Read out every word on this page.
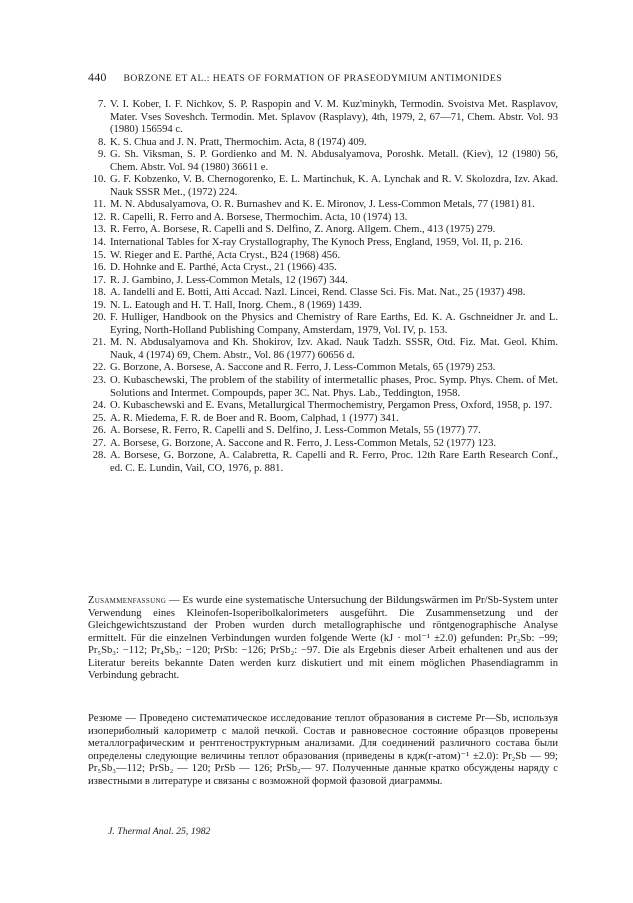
440 BORZONE ET AL.: HEATS OF FORMATION OF PRASEODYMIUM ANTIMONIDES

7. V. I. Kober, I. F. Nichkov, S. P. Raspopin and V. M. Kuz'minykh, Termodin. Svoistva Met. Rasplavov, Mater. Vses Soveshch. Termodin. Met. Splavov (Rasplavy), 4th, 1979, 2, 67—71, Chem. Abstr. Vol. 93 (1980) 156594 c.

8. K. S. Chua and J. N. Pratt, Thermochim. Acta, 8 (1974) 409.

9. G. Sh. Viksman, S. P. Gordienko and M. N. Abdusalyamova, Poroshk. Metall. (Kiev), 12 (1980) 56, Chem. Abstr. Vol. 94 (1980) 36611 e.

10. G. F. Kobzenko, V. B. Chernogorenko, E. L. Martinchuk, K. A. Lynchak and R. V. Skolozdra, Izv. Akad. Nauk SSSR Met., (1972) 224.

11. M. N. Abdusalyamova, O. R. Burnashev and K. E. Mironov, J. Less-Common Metals, 77 (1981) 81.

12. R. Capelli, R. Ferro and A. Borsese, Thermochim. Acta, 10 (1974) 13.

13. R. Ferro, A. Borsese, R. Capelli and S. Delfino, Z. Anorg. Allgem. Chem., 413 (1975) 279.

14. International Tables for X-ray Crystallography, The Kynoch Press, England, 1959, Vol. II, p. 216.

15. W. Rieger and E. Parthé, Acta Cryst., B24 (1968) 456.

16. D. Hohnke and E. Parthé, Acta Cryst., 21 (1966) 435.

17. R. J. Gambino, J. Less-Common Metals, 12 (1967) 344.

18. A. Iandelli and E. Botti, Atti Accad. Nazl. Lincei, Rend. Classe Sci. Fis. Mat. Nat., 25 (1937) 498.

19. N. L. Eatough and H. T. Hall, Inorg. Chem., 8 (1969) 1439.

20. F. Hulliger, Handbook on the Physics and Chemistry of Rare Earths, Ed. K. A. Gschneidner Jr. and L. Eyring, North-Holland Publishing Company, Amsterdam, 1979, Vol. IV, p. 153.

21. M. N. Abdusalyamova and Kh. Shokirov, Izv. Akad. Nauk Tadzh. SSSR, Otd. Fiz. Mat. Geol. Khim. Nauk, 4 (1974) 69, Chem. Abstr., Vol. 86 (1977) 60656 d.

22. G. Borzone, A. Borsese, A. Saccone and R. Ferro, J. Less-Common Metals, 65 (1979) 253.

23. O. Kubaschewski, The problem of the stability of intermetallic phases, Proc. Symp. Phys. Chem. of Met. Solutions and Intermet. Compoupds, paper 3C. Nat. Phys. Lab., Teddington, 1958.

24. O. Kubaschewski and E. Evans, Metallurgical Thermochemistry, Pergamon Press, Oxford, 1958, p. 197.

25. A. R. Miedema, F. R. de Boer and R. Boom, Calphad, 1 (1977) 341.

26. A. Borsese, R. Ferro, R. Capelli and S. Delfino, J. Less-Common Metals, 55 (1977) 77.

27. A. Borsese, G. Borzone, A. Saccone and R. Ferro, J. Less-Common Metals, 52 (1977) 123.

28. A. Borsese, G. Borzone, A. Calabretta, R. Capelli and R. Ferro, Proc. 12th Rare Earth Research Conf., ed. C. E. Lundin, Vail, CO, 1976, p. 881.

Zusammenfassung — Es wurde eine systematische Untersuchung der Bildungswärmen im Pr/Sb-System unter Verwendung eines Kleinofen-Isoperibolkalorimeters ausgeführt. Die Zusammensetzung und der Gleichgewichtszustand der Proben wurden durch metallographische und röntgenographische Analyse ermittelt. Für die einzelnen Verbindungen wurden folgende Werte (kJ · mol⁻¹ ±2.0) gefunden: Pr₂Sb: −99; Pr₅Sb₃: −112; Pr₄Sb₃: −120; PrSb: −126; PrSb₂: −97. Die als Ergebnis dieser Arbeit erhaltenen und aus der Literatur bereits bekannte Daten werden kurz diskutiert und mit einem möglichen Phasendiagramm in Verbindung gebracht.

Резюме — Проведено систематическое исследование теплот образования в системе Pr—Sb, используя изопериболный калориметр с малой печкой. Состав и равновесное состояние образцов проверены металлографическим и рентгеноструктурным анализами. Для соединений различного состава были определены следующие величины теплот образования (приведены в кдж(г-атом)⁻¹ ±2.0): Pr₂Sb — 99; Pr₅Sb₃—112; PrSb₂ — 120; PrSb — 126; PrSb₂— 97. Полученные данные кратко обсуждены наряду с известными в литературе и связаны с возможной формой фазовой диаграммы.

J. Thermal Anal. 25, 1982
